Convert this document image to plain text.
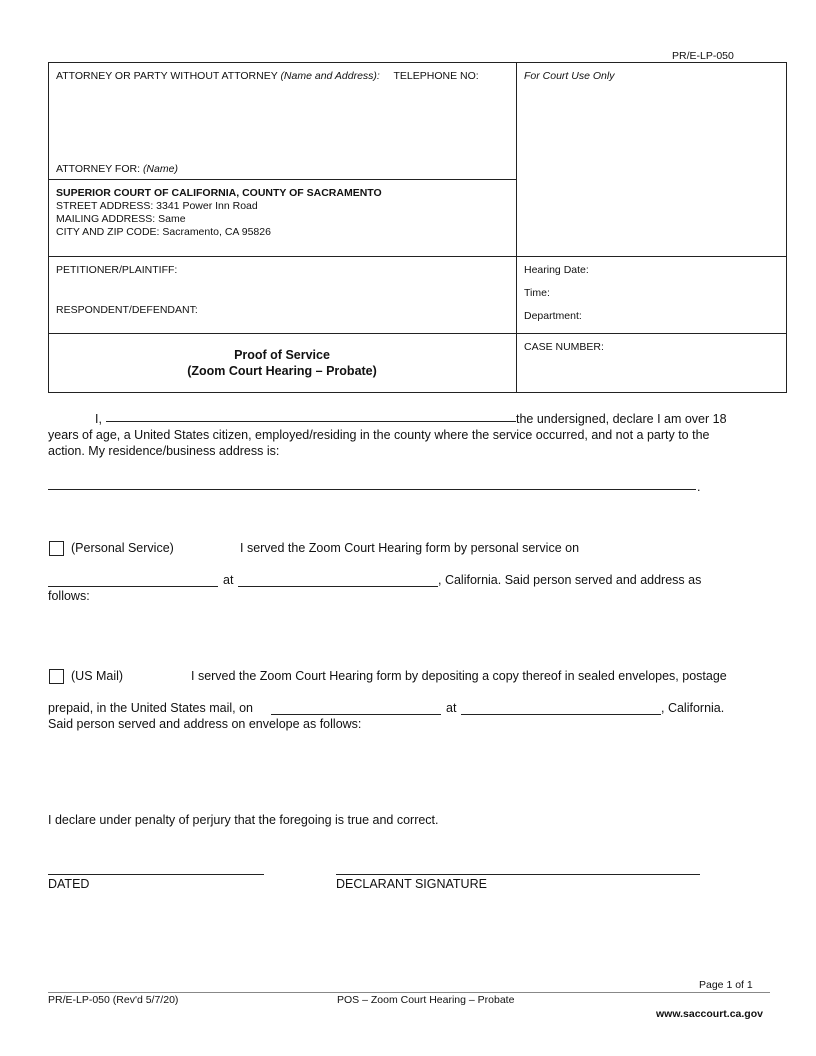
PR/E-LP-050
ATTORNEY OR PARTY WITHOUT ATTORNEY (Name and Address): TELEPHONE NO:	For Court Use Only
ATTORNEY FOR: (Name)
SUPERIOR COURT OF CALIFORNIA, COUNTY OF SACRAMENTO
STREET ADDRESS: 3341 Power Inn Road
MAILING ADDRESS: Same
CITY AND ZIP CODE: Sacramento, CA 95826
PETITIONER/PLAINTIFF:
RESPONDENT/DEFENDANT:
Hearing Date:
Time:
Department:
Proof of Service
(Zoom Court Hearing – Probate)
CASE NUMBER:
I,	the undersigned, declare I am over 18
years of age, a United States citizen, employed/residing in the county where the service occurred, and not a party to the
action. My residence/business address is:
.
(Personal Service)	I served the Zoom Court Hearing form by personal service on
at	, California. Said person served and address as
follows:
(US Mail)	I served the Zoom Court Hearing form by depositing a copy thereof in sealed envelopes, postage
prepaid, in the United States mail, on	at	, California.
Said person served and address on envelope as follows:
I declare under penalty of perjury that the foregoing is true and correct.
DATED	DECLARANT SIGNATURE
Page 1 of 1
PR/E-LP-050 (Rev'd 5/7/20)	POS – Zoom Court Hearing – Probate
www.saccourt.ca.gov
